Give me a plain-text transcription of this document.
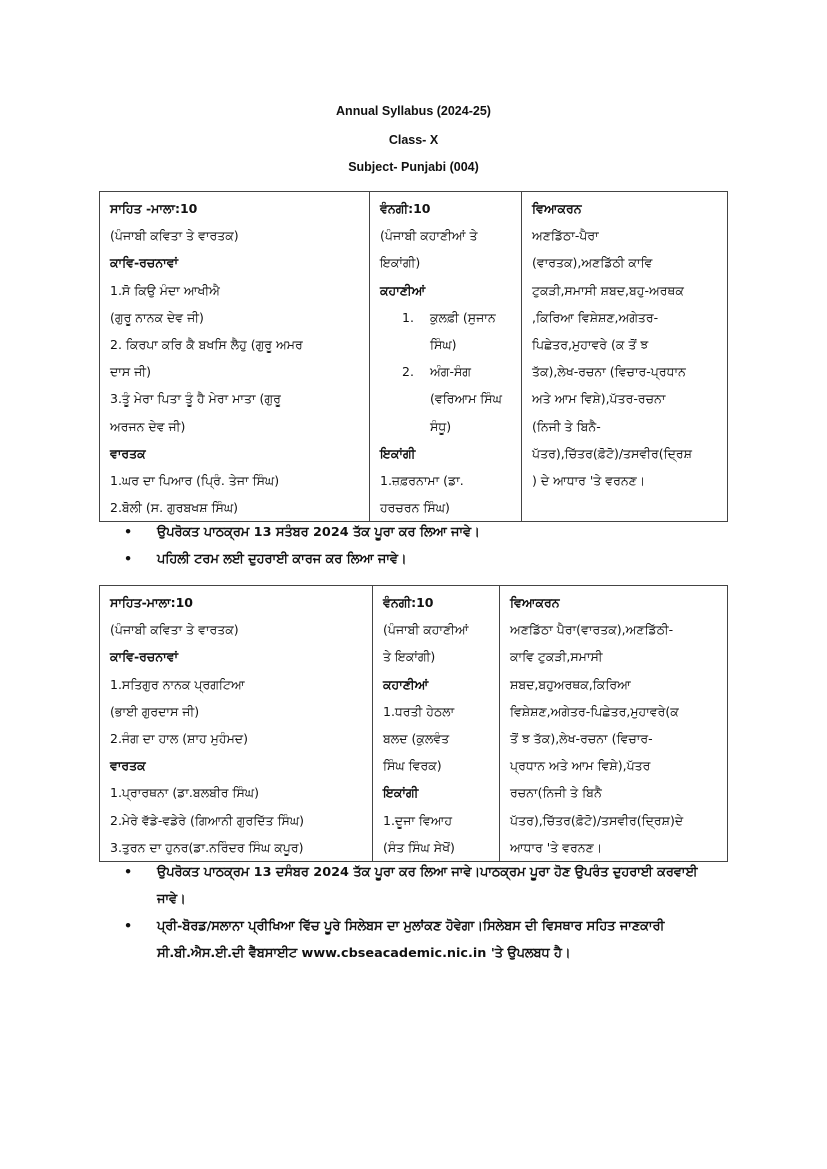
Annual Syllabus (2024-25)
Class- X
Subject- Punjabi (004)
ਸਾਹਿਤ -ਮਾਲਾ:10
(ਪੰਜਾਬੀ ਕਵਿਤਾ ਤੇ ਵਾਰਤਕ)
ਕਾਵਿ-ਰਚਨਾਵਾਂ
1.ਸੋ ਕਿਉ ਮੰਦਾ ਆਖੀਐ
(ਗੁਰੂ ਨਾਨਕ ਦੇਵ ਜੀ)
2. ਕਿਰਪਾ ਕਰਿ ਕੈ ਬਖਸਿ ਲੈਹੁ (ਗੁਰੂ ਅਮਰ
ਦਾਸ ਜੀ)
3.ਤੂੰ ਮੇਰਾ ਪਿਤਾ ਤੂੰ ਹੈ ਮੇਰਾ ਮਾਤਾ (ਗੁਰੂ
ਅਰਜਨ ਦੇਵ ਜੀ)
ਵਾਰਤਕ
1.ਘਰ ਦਾ ਪਿਆਰ (ਪ੍ਰਿੰ. ਤੇਜਾ ਸਿੰਘ)
2.ਬੋਲੀ (ਸ. ਗੁਰਬਖਸ਼ ਸਿੰਘ)

ਵੰਨਗੀ:10
(ਪੰਜਾਬੀ ਕਹਾਣੀਆਂ ਤੇ
ਇਕਾਂਗੀ)
ਕਹਾਣੀਆਂ
1.	ਕੁਲਫ਼ੀ (ਸੁਜਾਨ
ਸਿੰਘ)
2.	ਅੰਗ-ਸੰਗ
(ਵਰਿਆਮ ਸਿੰਘ
ਸੰਧੂ)
ਇਕਾਂਗੀ
1.ਜ਼ਫ਼ਰਨਾਮਾ (ਡਾ.
ਹਰਚਰਨ ਸਿੰਘ)

ਵਿਆਕਰਨ
ਅਣਡਿੱਠਾ-ਪੈਰਾ
(ਵਾਰਤਕ),ਅਣਡਿੱਠੀ ਕਾਵਿ
ਟੁਕੜੀ,ਸਮਾਸੀ ਸ਼ਬਦ,ਬਹੁ-ਅਰਥਕ
,ਕਿਰਿਆ ਵਿਸ਼ੇਸ਼ਣ,ਅਗੇਤਰ-
ਪਿਛੇਤਰ,ਮੁਹਾਵਰੇ (ਕ ਤੋਂ ਝ
ਤੱਕ),ਲੇਖ-ਰਚਨਾ (ਵਿਚਾਰ-ਪ੍ਰਧਾਨ
ਅਤੇ ਆਮ ਵਿਸ਼ੇ),ਪੱਤਰ-ਰਚਨਾ
(ਨਿਜੀ ਤੇ ਬਿਨੈ-
ਪੱਤਰ),ਚਿੱਤਰ(ਫ਼ੋਟੋ)/ਤਸਵੀਰ(ਦ੍ਰਿਸ਼
) ਦੇ ਆਧਾਰ 'ਤੇ ਵਰਨਣ।
• ਉਪਰੋਕਤ ਪਾਠਕ੍ਰਮ 13 ਸਤੰਬਰ 2024 ਤੱਕ ਪੂਰਾ ਕਰ ਲਿਆ ਜਾਵੇ।
• ਪਹਿਲੀ ਟਰਮ ਲਈ ਦੁਹਰਾਈ ਕਾਰਜ ਕਰ ਲਿਆ ਜਾਵੇ।
ਸਾਹਿਤ-ਮਾਲਾ:10
(ਪੰਜਾਬੀ ਕਵਿਤਾ ਤੇ ਵਾਰਤਕ)
ਕਾਵਿ-ਰਚਨਾਵਾਂ
1.ਸਤਿਗੁਰ ਨਾਨਕ ਪ੍ਰਗਟਿਆ
(ਭਾਈ ਗੁਰਦਾਸ ਜੀ)
2.ਜੰਗ ਦਾ ਹਾਲ (ਸ਼ਾਹ ਮੁਹੰਮਦ)
ਵਾਰਤਕ
1.ਪ੍ਰਾਰਥਨਾ (ਡਾ.ਬਲਬੀਰ ਸਿੰਘ)
2.ਮੇਰੇ ਵੱਡੇ-ਵਡੇਰੇ (ਗਿਆਨੀ ਗੁਰਦਿੱਤ ਸਿੰਘ)
3.ਤੁਰਨ ਦਾ ਹੁਨਰ(ਡਾ.ਨਰਿੰਦਰ ਸਿੰਘ ਕਪੂਰ)

ਵੰਨਗੀ:10
(ਪੰਜਾਬੀ ਕਹਾਣੀਆਂ
ਤੇ ਇਕਾਂਗੀ)
ਕਹਾਣੀਆਂ
1.ਧਰਤੀ ਹੇਠਲਾ
ਬਲਦ (ਕੁਲਵੰਤ
ਸਿੰਘ ਵਿਰਕ)
ਇਕਾਂਗੀ
1.ਦੂਜਾ ਵਿਆਹ
(ਸੰਤ ਸਿੰਘ ਸੇਖੋਂ)

ਵਿਆਕਰਨ
ਅਣਡਿੱਠਾ ਪੈਰਾ(ਵਾਰਤਕ),ਅਣਡਿੱਠੀ-
ਕਾਵਿ ਟੁਕੜੀ,ਸਮਾਸੀ
ਸ਼ਬਦ,ਬਹੁਅਰਥਕ,ਕਿਰਿਆ
ਵਿਸ਼ੇਸ਼ਣ,ਅਗੇਤਰ-ਪਿਛੇਤਰ,ਮੁਹਾਵਰੇ(ਕ
ਤੋਂ ਝ ਤੱਕ),ਲੇਖ-ਰਚਨਾ (ਵਿਚਾਰ-
ਪ੍ਰਧਾਨ ਅਤੇ ਆਮ ਵਿਸ਼ੇ),ਪੱਤਰ
ਰਚਨਾ(ਨਿਜੀ ਤੇ ਬਿਨੈ
ਪੱਤਰ),ਚਿੱਤਰ(ਫ਼ੋਟੋ)/ਤਸਵੀਰ(ਦ੍ਰਿਸ਼)ਦੇ
ਆਧਾਰ 'ਤੇ ਵਰਨਣ।
• ਉਪਰੋਕਤ ਪਾਠਕ੍ਰਮ 13 ਦਸੰਬਰ 2024 ਤੱਕ ਪੂਰਾ ਕਰ ਲਿਆ ਜਾਵੇ।ਪਾਠਕ੍ਰਮ ਪੂਰਾ ਹੋਣ ਉਪਰੰਤ ਦੁਹਰਾਈ ਕਰਵਾਈ ਜਾਵੇ।
• ਪ੍ਰੀ-ਬੋਰਡ/ਸਲਾਨਾ ਪ੍ਰੀਖਿਆ ਵਿੱਚ ਪੂਰੇ ਸਿਲੇਬਸ ਦਾ ਮੁਲਾਂਕਣ ਹੋਵੇਗਾ।ਸਿਲੇਬਸ ਦੀ ਵਿਸਥਾਰ ਸਹਿਤ ਜਾਣਕਾਰੀ ਸੀ.ਬੀ.ਐਸ.ਈ.ਦੀ ਵੈੱਬਸਾਈਟ www.cbseacademic.nic.in 'ਤੇ ਉਪਲਬਧ ਹੈ।
